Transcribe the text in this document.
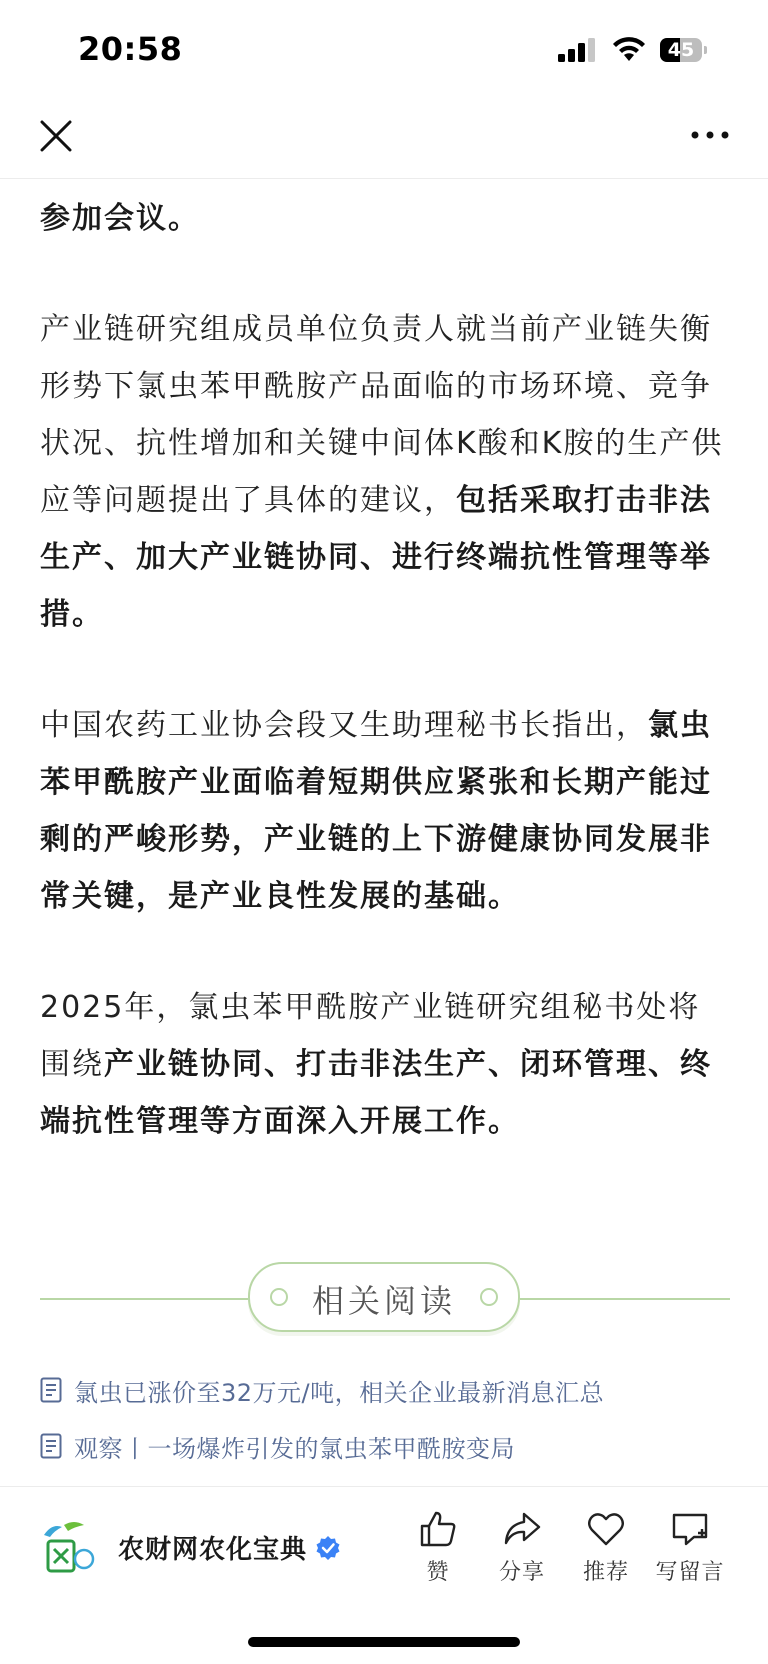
20:58	45

参加会议。

产业链研究组成员单位负责人就当前产业链失衡形势下氯虫苯甲酰胺产品面临的市场环境、竞争状况、抗性增加和关键中间体K酸和K胺的生产供应等问题提出了具体的建议，包括采取打击非法生产、加大产业链协同、进行终端抗性管理等举措。

中国农药工业协会段又生助理秘书长指出，氯虫苯甲酰胺产业面临着短期供应紧张和长期产能过剩的严峻形势，产业链的上下游健康协同发展非常关键，是产业良性发展的基础。

2025年，氯虫苯甲酰胺产业链研究组秘书处将围绕产业链协同、打击非法生产、闭环管理、终端抗性管理等方面深入开展工作。

相关阅读
氯虫已涨价至32万元/吨，相关企业最新消息汇总
观察丨一场爆炸引发的氯虫苯甲酰胺变局
农财网农化宝典
赞	分享	推荐	写留言
